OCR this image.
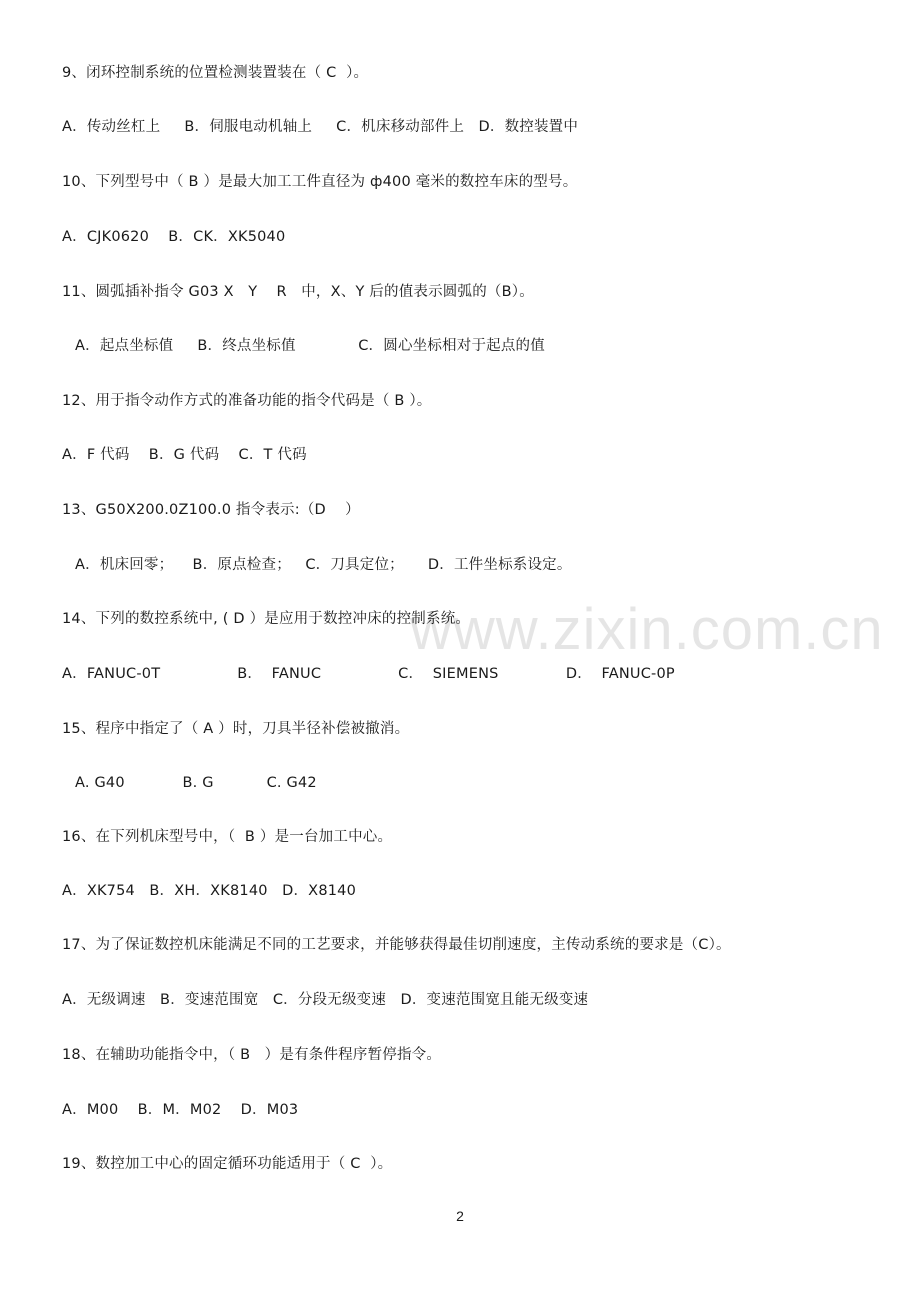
9、闭环控制系统的位置检测装置装在（ C  ）。
A．传动丝杠上     B．伺服电动机轴上     C．机床移动部件上   D．数控装置中
10、下列型号中（ B ）是最大加工工件直径为 ф400 毫米的数控车床的型号。
A．CJK0620    B．CK．XK5040
11、圆弧插补指令 G03 X   Y    R   中，X、Y 后的值表示圆弧的（B）。
A．起点坐标值     B．终点坐标值             C．圆心坐标相对于起点的值
12、用于指令动作方式的准备功能的指令代码是（ B ）。
A．F 代码    B．G 代码    C．T 代码
13、G50X200.0Z100.0 指令表示:（D    ）
A．机床回零；    B．原点检查；   C．刀具定位；     D．工件坐标系设定。
14、下列的数控系统中, ( D ）是应用于数控冲床的控制系统。
A．FANUC-0T                B．  FANUC                C．  SIEMENS              D．  FANUC-0P
15、程序中指定了（ A ）时，刀具半径补偿被撤消。
A. G40            B. G           C. G42
16、在下列机床型号中，（  B ）是一台加工中心。
A．XK754   B．XH．XK8140   D．X8140
17、为了保证数控机床能满足不同的工艺要求，并能够获得最佳切削速度，主传动系统的要求是（C）。
A．无级调速   B．变速范围宽   C．分段无级变速   D．变速范围宽且能无级变速
18、在辅助功能指令中，（ B   ）是有条件程序暂停指令。
A．M00    B．M．M02    D．M03
19、数控加工中心的固定循环功能适用于（ C  ）。
www.zixin.com.cn
2
